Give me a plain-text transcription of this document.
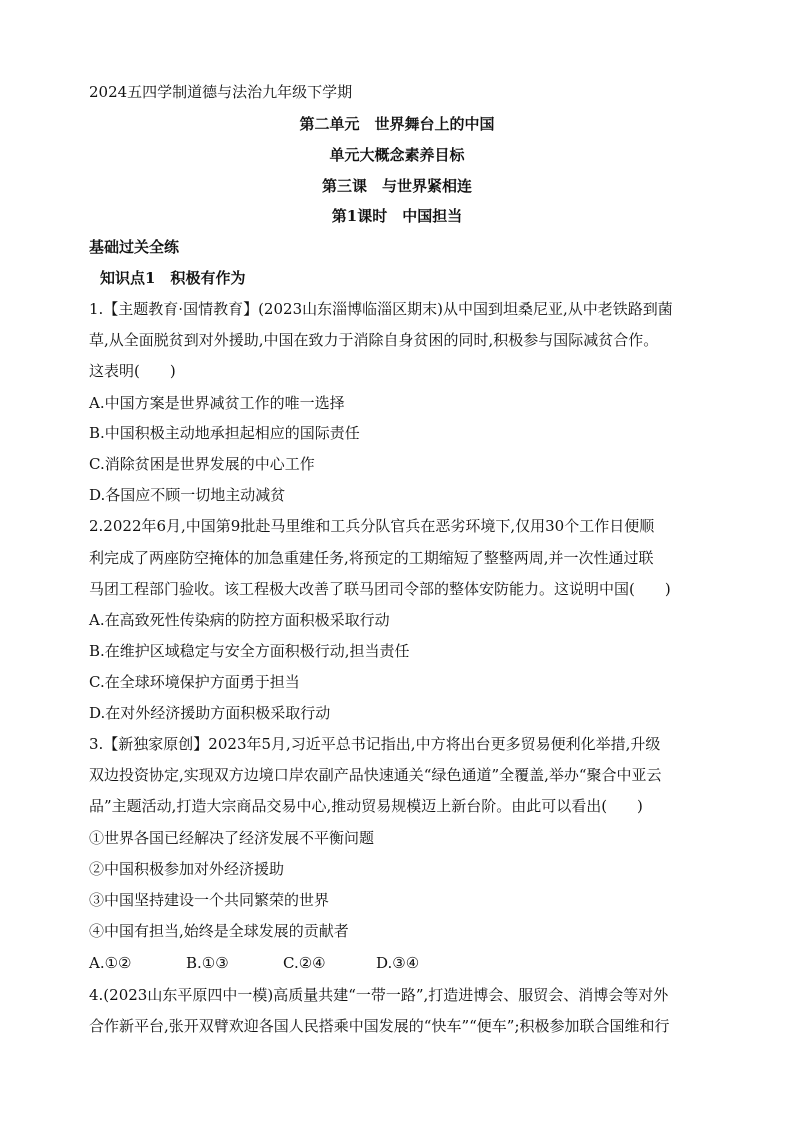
2024五四学制道德与法治九年级下学期
第二单元　世界舞台上的中国
单元大概念素养目标
第三课　与世界紧相连
第1课时　中国担当
基础过关全练
知识点1　积极有作为
1.【主题教育·国情教育】(2023山东淄博临淄区期末)从中国到坦桑尼亚,从中老铁路到菌
草,从全面脱贫到对外援助,中国在致力于消除自身贫困的同时,积极参与国际减贫合作。
这表明(　　)
A.中国方案是世界减贫工作的唯一选择
B.中国积极主动地承担起相应的国际责任
C.消除贫困是世界发展的中心工作
D.各国应不顾一切地主动减贫
2.2022年6月,中国第9批赴马里维和工兵分队官兵在恶劣环境下,仅用30个工作日便顺
利完成了两座防空掩体的加急重建任务,将预定的工期缩短了整整两周,并一次性通过联
马团工程部门验收。该工程极大改善了联马团司令部的整体安防能力。这说明中国(　　)
A.在高致死性传染病的防控方面积极采取行动
B.在维护区域稳定与安全方面积极行动,担当责任
C.在全球环境保护方面勇于担当
D.在对外经济援助方面积极采取行动
3.【新独家原创】2023年5月,习近平总书记指出,中方将出台更多贸易便利化举措,升级
双边投资协定,实现双方边境口岸农副产品快速通关“绿色通道”全覆盖,举办“聚合中亚云
品”主题活动,打造大宗商品交易中心,推动贸易规模迈上新台阶。由此可以看出(　　)
①世界各国已经解决了经济发展不平衡问题
②中国积极参加对外经济援助
③中国坚持建设一个共同繁荣的世界
④中国有担当,始终是全球发展的贡献者
A.①②	B.①③	C.②④	D.③④
4.(2023山东平原四中一模)高质量共建“一带一路”,打造进博会、服贸会、消博会等对外
合作新平台,张开双臂欢迎各国人民搭乘中国发展的“快车”“便车”;积极参加联合国维和行
